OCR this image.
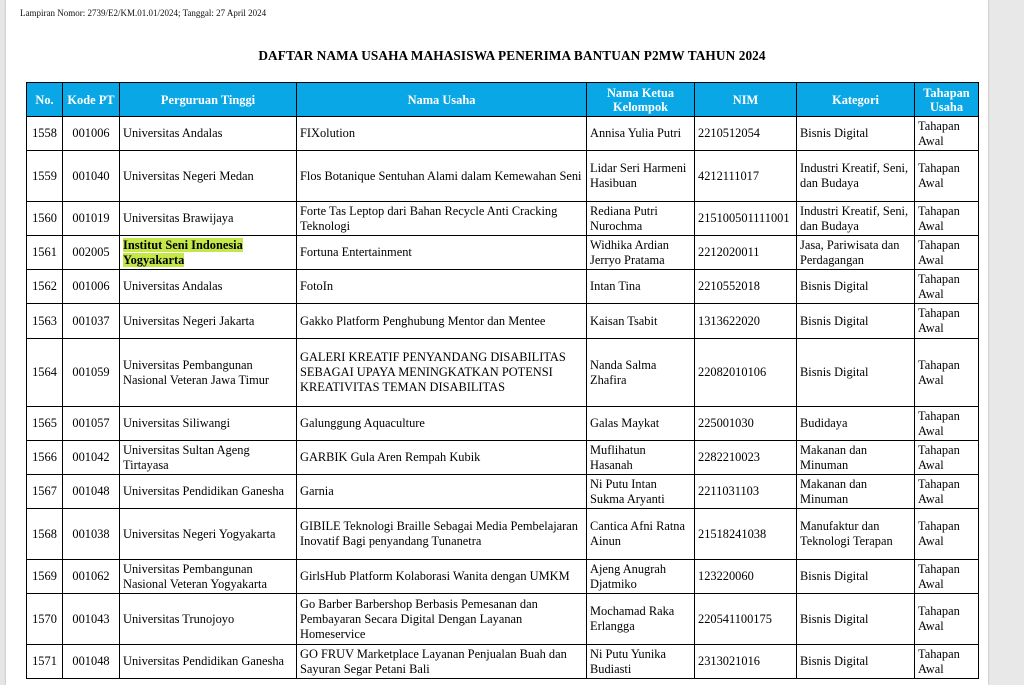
Lampiran Nomor: 2739/E2/KM.01.01/2024; Tanggal: 27 April 2024
DAFTAR NAMA USAHA MAHASISWA PENERIMA BANTUAN P2MW TAHUN 2024
No.	Kode PT	Perguruan Tinggi	Nama Usaha	Nama Ketua Kelompok	NIM	Kategori	Tahapan Usaha
1558	001006	Universitas Andalas	FIXolution	Annisa Yulia Putri	2210512054	Bisnis Digital	Tahapan Awal
1559	001040	Universitas Negeri Medan	Flos Botanique Sentuhan Alami dalam Kemewahan Seni	Lidar Seri Harmeni Hasibuan	4212111017	Industri Kreatif, Seni, dan Budaya	Tahapan Awal
1560	001019	Universitas Brawijaya	Forte Tas Leptop dari Bahan Recycle Anti Cracking Teknologi	Rediana Putri Nurochma	215100501111001	Industri Kreatif, Seni, dan Budaya	Tahapan Awal
1561	002005	Institut Seni Indonesia Yogyakarta	Fortuna Entertainment	Widhika Ardian Jerryo Pratama	2212020011	Jasa, Pariwisata dan Perdagangan	Tahapan Awal
1562	001006	Universitas Andalas	FotoIn	Intan Tina	2210552018	Bisnis Digital	Tahapan Awal
1563	001037	Universitas Negeri Jakarta	Gakko Platform Penghubung Mentor dan Mentee	Kaisan Tsabit	1313622020	Bisnis Digital	Tahapan Awal
1564	001059	Universitas Pembangunan Nasional Veteran Jawa Timur	GALERI KREATIF PENYANDANG DISABILITAS SEBAGAI UPAYA MENINGKATKAN POTENSI KREATIVITAS TEMAN DISABILITAS	Nanda Salma Zhafira	22082010106	Bisnis Digital	Tahapan Awal
1565	001057	Universitas Siliwangi	Galunggung Aquaculture	Galas Maykat	225001030	Budidaya	Tahapan Awal
1566	001042	Universitas Sultan Ageng Tirtayasa	GARBIK Gula Aren Rempah Kubik	Muflihatun Hasanah	2282210023	Makanan dan Minuman	Tahapan Awal
1567	001048	Universitas Pendidikan Ganesha	Garnia	Ni Putu Intan Sukma Aryanti	2211031103	Makanan dan Minuman	Tahapan Awal
1568	001038	Universitas Negeri Yogyakarta	GIBILE Teknologi Braille Sebagai Media Pembelajaran Inovatif Bagi penyandang Tunanetra	Cantica Afni Ratna Ainun	21518241038	Manufaktur dan Teknologi Terapan	Tahapan Awal
1569	001062	Universitas Pembangunan Nasional Veteran Yogyakarta	GirlsHub Platform Kolaborasi Wanita dengan UMKM	Ajeng Anugrah Djatmiko	123220060	Bisnis Digital	Tahapan Awal
1570	001043	Universitas Trunojoyo	Go Barber Barbershop Berbasis Pemesanan dan Pembayaran Secara Digital Dengan Layanan Homeservice	Mochamad Raka Erlangga	220541100175	Bisnis Digital	Tahapan Awal
1571	001048	Universitas Pendidikan Ganesha	GO FRUV Marketplace Layanan Penjualan Buah dan Sayuran Segar Petani Bali	Ni Putu Yunika Budiasti	2313021016	Bisnis Digital	Tahapan Awal
